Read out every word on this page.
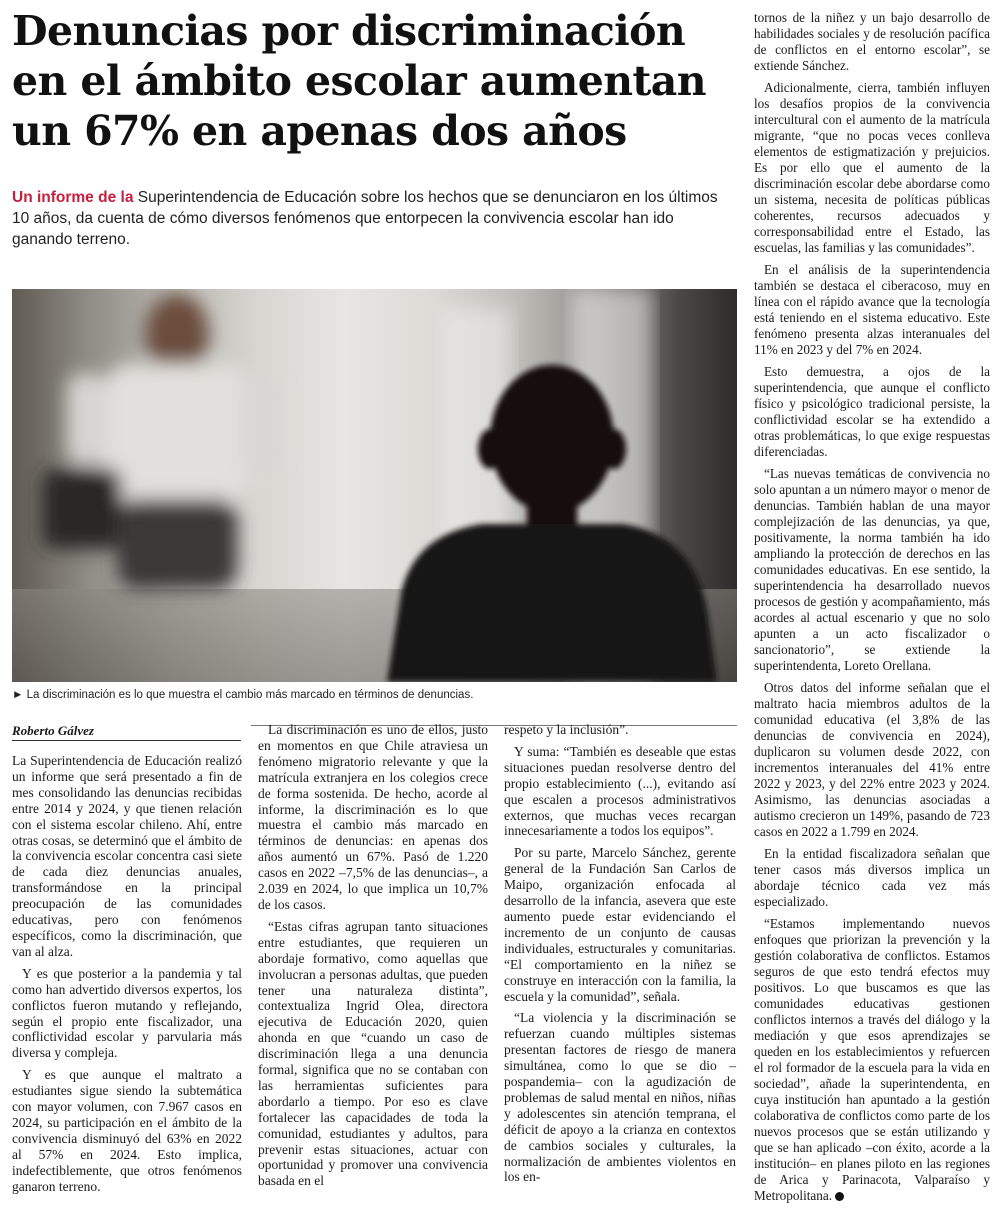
Denuncias por discriminación en el ámbito escolar aumentan un 67% en apenas dos años

Un informe de la Superintendencia de Educación sobre los hechos que se denunciaron en los últimos 10 años, da cuenta de cómo diversos fenómenos que entorpecen la convivencia escolar han ido ganando terreno.

► La discriminación es lo que muestra el cambio más marcado en términos de denuncias.

Roberto Gálvez

La Superintendencia de Educación realizó un informe que será presentado a fin de mes consolidando las denuncias recibidas entre 2014 y 2024, y que tienen relación con el sistema escolar chileno. Ahí, entre otras cosas, se determinó que el ámbito de la convivencia escolar concentra casi siete de cada diez denuncias anuales, transformándose en la principal preocupación de las comunidades educativas, pero con fenómenos específicos, como la discriminación, que van al alza.

Y es que posterior a la pandemia y tal como han advertido diversos expertos, los conflictos fueron mutando y reflejando, según el propio ente fiscalizador, una conflictividad escolar y parvularia más diversa y compleja.

Y es que aunque el maltrato a estudiantes sigue siendo la subtemática con mayor volumen, con 7.967 casos en 2024, su participación en el ámbito de la convivencia disminuyó del 63% en 2022 al 57% en 2024. Esto implica, indefectiblemente, que otros fenómenos ganaron terreno.

La discriminación es uno de ellos, justo en momentos en que Chile atraviesa un fenómeno migratorio relevante y que la matrícula extranjera en los colegios crece de forma sostenida. De hecho, acorde al informe, la discriminación es lo que muestra el cambio más marcado en términos de denuncias: en apenas dos años aumentó un 67%. Pasó de 1.220 casos en 2022 –7,5% de las denuncias–, a 2.039 en 2024, lo que implica un 10,7% de los casos.

“Estas cifras agrupan tanto situaciones entre estudiantes, que requieren un abordaje formativo, como aquellas que involucran a personas adultas, que pueden tener una naturaleza distinta”, contextualiza Ingrid Olea, directora ejecutiva de Educación 2020, quien ahonda en que “cuando un caso de discriminación llega a una denuncia formal, significa que no se contaban con las herramientas suficientes para abordarlo a tiempo. Por eso es clave fortalecer las capacidades de toda la comunidad, estudiantes y adultos, para prevenir estas situaciones, actuar con oportunidad y promover una convivencia basada en el

respeto y la inclusión”.

Y suma: “También es deseable que estas situaciones puedan resolverse dentro del propio establecimiento (...), evitando así que escalen a procesos administrativos externos, que muchas veces recargan innecesariamente a todos los equipos”.

Por su parte, Marcelo Sánchez, gerente general de la Fundación San Carlos de Maipo, organización enfocada al desarrollo de la infancia, asevera que este aumento puede estar evidenciando el incremento de un conjunto de causas individuales, estructurales y comunitarias. “El comportamiento en la niñez se construye en interacción con la familia, la escuela y la comunidad”, señala.

“La violencia y la discriminación se refuerzan cuando múltiples sistemas presentan factores de riesgo de manera simultánea, como lo que se dio –pospandemia– con la agudización de problemas de salud mental en niños, niñas y adolescentes sin atención temprana, el déficit de apoyo a la crianza en contextos de cambios sociales y culturales, la normalización de ambientes violentos en los en-

tornos de la niñez y un bajo desarrollo de habilidades sociales y de resolución pacífica de conflictos en el entorno escolar”, se extiende Sánchez.

Adicionalmente, cierra, también influyen los desafíos propios de la convivencia intercultural con el aumento de la matrícula migrante, “que no pocas veces conlleva elementos de estigmatización y prejuicios. Es por ello que el aumento de la discriminación escolar debe abordarse como un sistema, necesita de políticas públicas coherentes, recursos adecuados y corresponsabilidad entre el Estado, las escuelas, las familias y las comunidades”.

En el análisis de la superintendencia también se destaca el ciberacoso, muy en línea con el rápido avance que la tecnología está teniendo en el sistema educativo. Este fenómeno presenta alzas interanuales del 11% en 2023 y del 7% en 2024.

Esto demuestra, a ojos de la superintendencia, que aunque el conflicto físico y psicológico tradicional persiste, la conflictividad escolar se ha extendido a otras problemáticas, lo que exige respuestas diferenciadas.

“Las nuevas temáticas de convivencia no solo apuntan a un número mayor o menor de denuncias. También hablan de una mayor complejización de las denuncias, ya que, positivamente, la norma también ha ido ampliando la protección de derechos en las comunidades educativas. En ese sentido, la superintendencia ha desarrollado nuevos procesos de gestión y acompañamiento, más acordes al actual escenario y que no solo apunten a un acto fiscalizador o sancionatorio”, se extiende la superintendenta, Loreto Orellana.

Otros datos del informe señalan que el maltrato hacia miembros adultos de la comunidad educativa (el 3,8% de las denuncias de convivencia en 2024), duplicaron su volumen desde 2022, con incrementos interanuales del 41% entre 2022 y 2023, y del 22% entre 2023 y 2024. Asimismo, las denuncias asociadas a autismo crecieron un 149%, pasando de 723 casos en 2022 a 1.799 en 2024.

En la entidad fiscalizadora señalan que tener casos más diversos implica un abordaje técnico cada vez más especializado.

“Estamos implementando nuevos enfoques que priorizan la prevención y la gestión colaborativa de conflictos. Estamos seguros de que esto tendrá efectos muy positivos. Lo que buscamos es que las comunidades educativas gestionen conflictos internos a través del diálogo y la mediación y que esos aprendizajes se queden en los establecimientos y refuercen el rol formador de la escuela para la vida en sociedad”, añade la superintendenta, en cuya institución han apuntado a la gestión colaborativa de conflictos como parte de los nuevos procesos que se están utilizando y que se han aplicado –con éxito, acorde a la institución– en planes piloto en las regiones de Arica y Parinacota, Valparaíso y Metropolitana.
